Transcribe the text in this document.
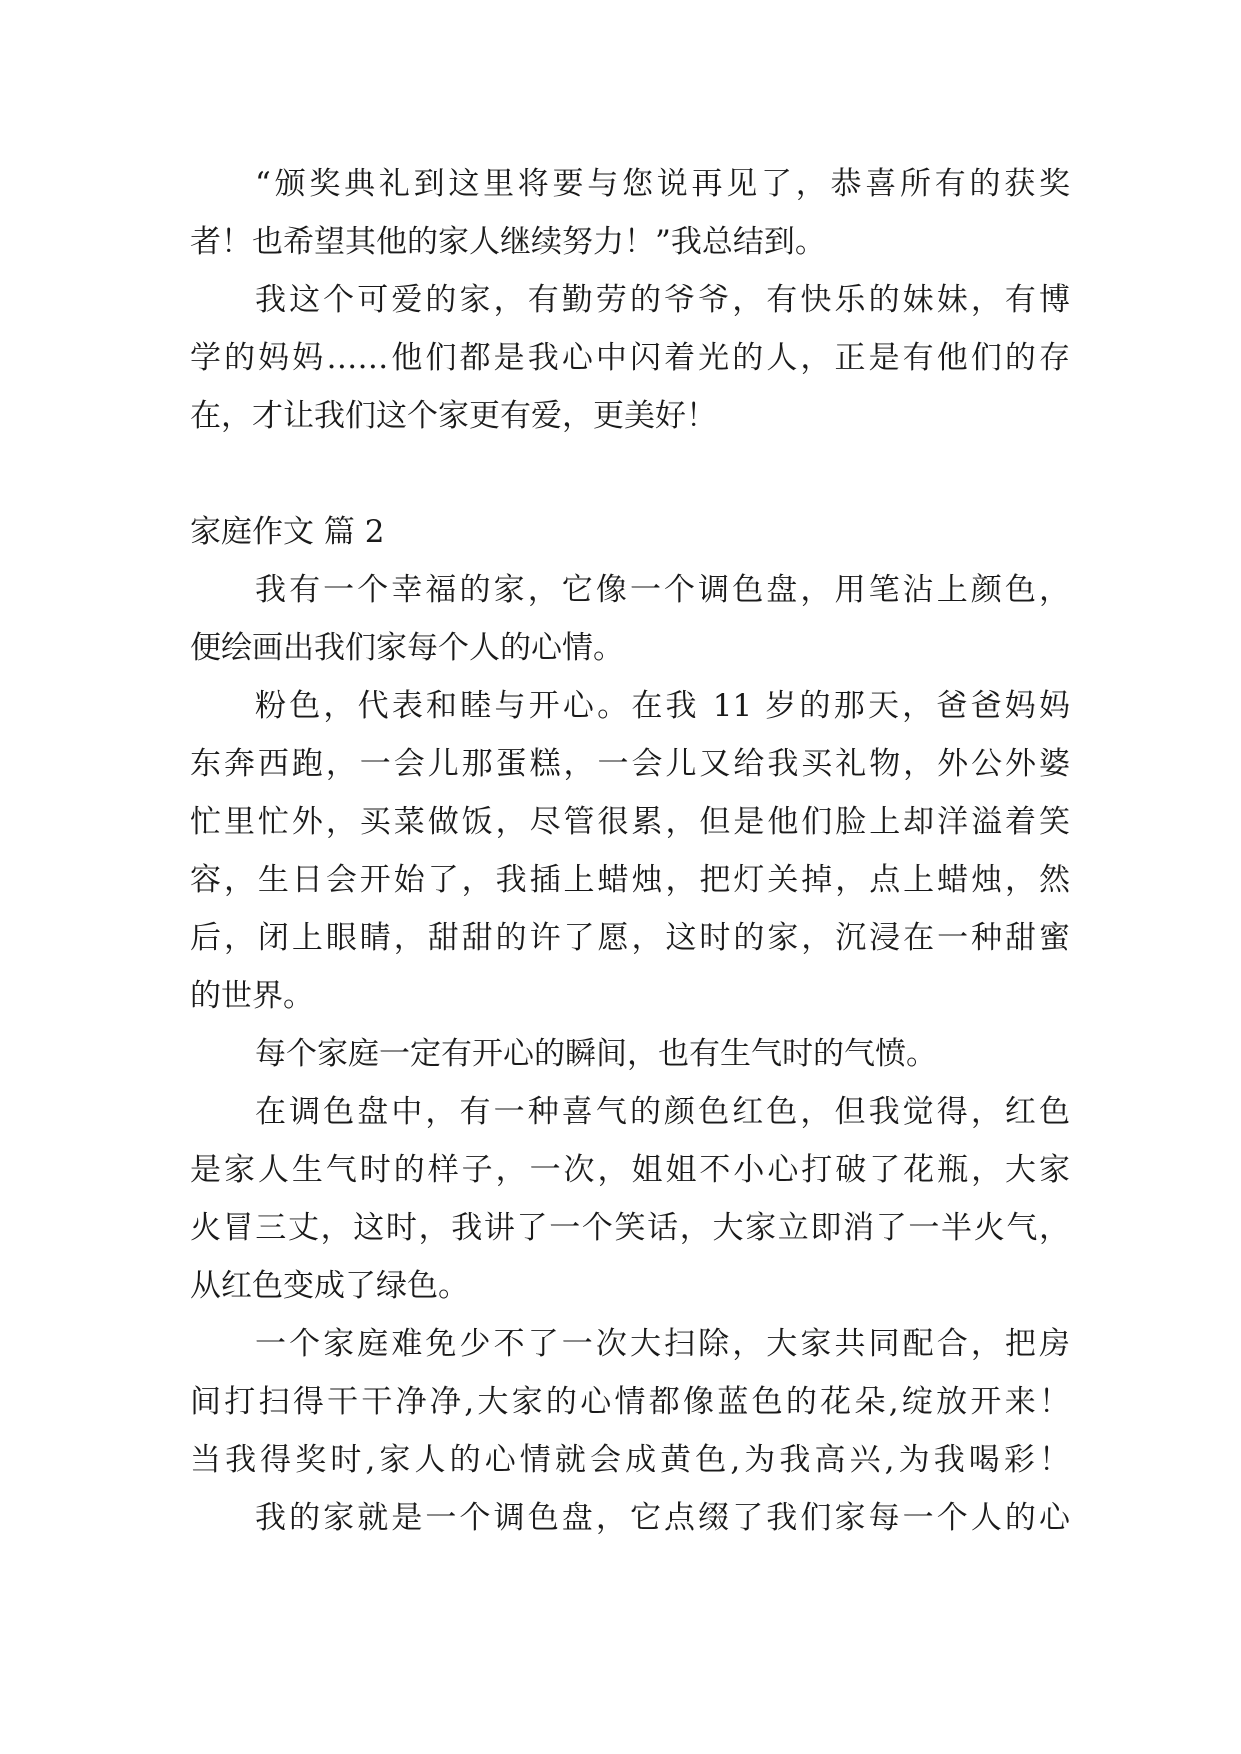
“颁奖典礼到这里将要与您说再见了，恭喜所有的获奖
者！也希望其他的家人继续努力！”我总结到。
我这个可爱的家，有勤劳的爷爷，有快乐的妹妹，有博
学的妈妈……他们都是我心中闪着光的人，正是有他们的存
在，才让我们这个家更有爱，更美好！
家庭作文 篇 2
我有一个幸福的家，它像一个调色盘，用笔沾上颜色，
便绘画出我们家每个人的心情。
粉色，代表和睦与开心。在我 11 岁的那天，爸爸妈妈
东奔西跑，一会儿那蛋糕，一会儿又给我买礼物，外公外婆
忙里忙外，买菜做饭，尽管很累，但是他们脸上却洋溢着笑
容，生日会开始了，我插上蜡烛，把灯关掉，点上蜡烛，然
后，闭上眼睛，甜甜的许了愿，这时的家，沉浸在一种甜蜜
的世界。
每个家庭一定有开心的瞬间，也有生气时的气愤。
在调色盘中，有一种喜气的颜色红色，但我觉得，红色
是家人生气时的样子，一次，姐姐不小心打破了花瓶，大家
火冒三丈，这时，我讲了一个笑话，大家立即消了一半火气，
从红色变成了绿色。
一个家庭难免少不了一次大扫除，大家共同配合，把房
间打扫得干干净净,大家的心情都像蓝色的花朵,绽放开来！
当我得奖时,家人的心情就会成黄色,为我高兴,为我喝彩！
我的家就是一个调色盘，它点缀了我们家每一个人的心
